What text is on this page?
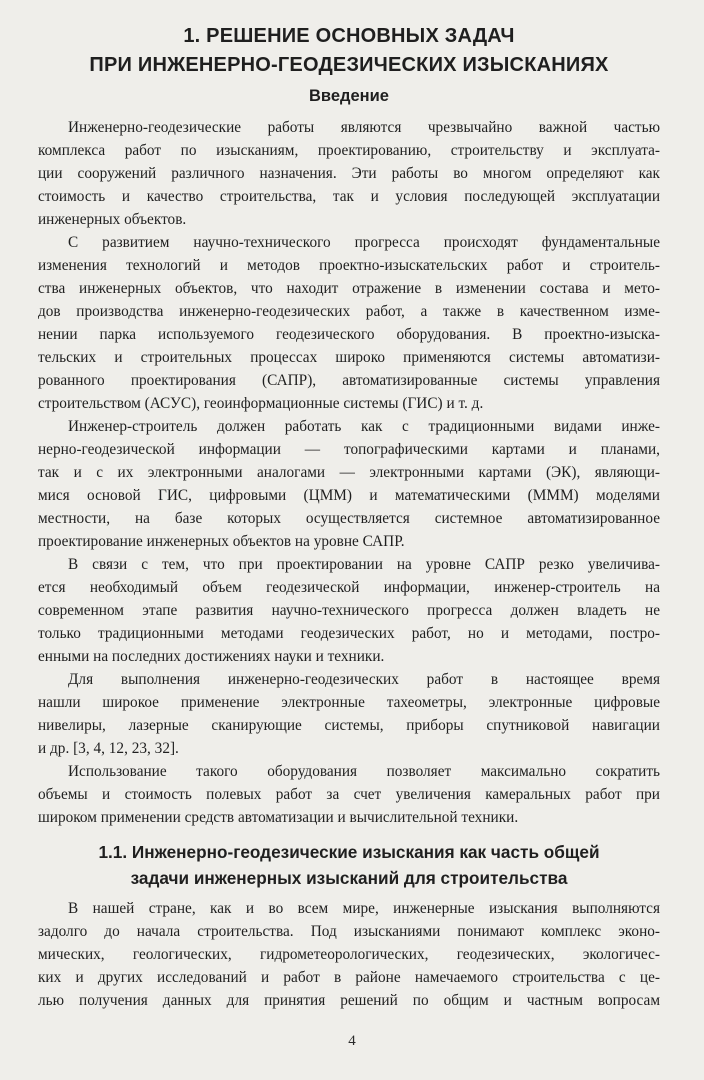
1. РЕШЕНИЕ ОСНОВНЫХ ЗАДАЧ
ПРИ ИНЖЕНЕРНО-ГЕОДЕЗИЧЕСКИХ ИЗЫСКАНИЯХ
Введение

Инженерно-геодезические работы являются чрезвычайно важной частью
комплекса работ по изысканиям, проектированию, строительству и эксплуата-
ции сооружений различного назначения. Эти работы во многом определяют как
стоимость и качество строительства, так и условия последующей эксплуатации
инженерных объектов.

С развитием научно-технического прогресса происходят фундаментальные
изменения технологий и методов проектно-изыскательских работ и строитель-
ства инженерных объектов, что находит отражение в изменении состава и мето-
дов производства инженерно-геодезических работ, а также в качественном изме-
нении парка используемого геодезического оборудования. В проектно-изыска-
тельских и строительных процессах широко применяются системы автоматизи-
рованного проектирования (САПР), автоматизированные системы управления
строительством (АСУС), геоинформационные системы (ГИС) и т. д.

Инженер-строитель должен работать как с традиционными видами инже-
нерно-геодезической информации — топографическими картами и планами,
так и с их электронными аналогами — электронными картами (ЭК), являющи-
мися основой ГИС, цифровыми (ЦММ) и математическими (МММ) моделями
местности, на базе которых осуществляется системное автоматизированное
проектирование инженерных объектов на уровне САПР.

В связи с тем, что при проектировании на уровне САПР резко увеличива-
ется необходимый объем геодезической информации, инженер-строитель на
современном этапе развития научно-технического прогресса должен владеть не
только традиционными методами геодезических работ, но и методами, постро-
енными на последних достижениях науки и техники.

Для выполнения инженерно-геодезических работ в настоящее время
нашли широкое применение электронные тахеометры, электронные цифровые
нивелиры, лазерные сканирующие системы, приборы спутниковой навигации
и др. [3, 4, 12, 23, 32].

Использование такого оборудования позволяет максимально сократить
объемы и стоимость полевых работ за счет увеличения камеральных работ при
широком применении средств автоматизации и вычислительной техники.

1.1. Инженерно-геодезические изыскания как часть общей
задачи инженерных изысканий для строительства

В нашей стране, как и во всем мире, инженерные изыскания выполняются
задолго до начала строительства. Под изысканиями понимают комплекс эконо-
мических, геологических, гидрометеорологических, геодезических, экологичес-
ких и других исследований и работ в районе намечаемого строительства с це-
лью получения данных для принятия решений по общим и частным вопросам

4
